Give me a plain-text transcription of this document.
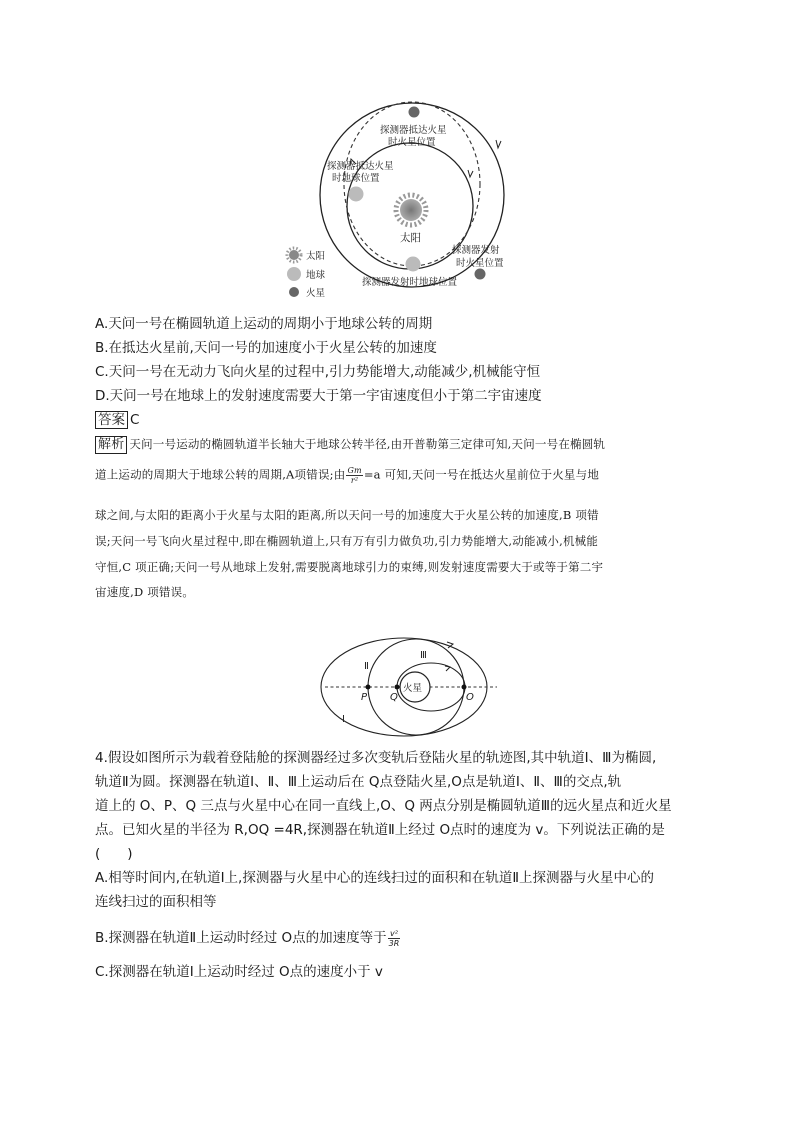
探测器抵达火星
时火星位置
探测器抵达火星
时地球位置
太阳
探测器发射
时火星位置
探测器发射时地球位置
太阳
地球
火星
A.天问一号在椭圆轨道上运动的周期小于地球公转的周期
B.在抵达火星前,天问一号的加速度小于火星公转的加速度
C.天问一号在无动力飞向火星的过程中,引力势能增大,动能减少,机械能守恒
D.天问一号在地球上的发射速度需要大于第一宇宙速度但小于第二宇宙速度
答案 C
解析 天问一号运动的椭圆轨道半长轴大于地球公转半径,由开普勒第三定律可知,天问一号在椭圆轨
道上运动的周期大于地球公转的周期,A项错误;由 $\frac{Gm}{\text{r²}} =a$ 可知,天问一号在抵达火星前位于火星与地
球之间,与太阳的距离小于火星与太阳的距离,所以天问一号的加速度大于火星公转的加速度,B 项错
误;天问一号飞向火星过程中,即在椭圆轨道上,只有万有引力做负功,引力势能增大,动能减小,机械能
守恒,C 项正确;天问一号从地球上发射,需要脱离地球引力的束缚,则发射速度需要大于或等于第二宇
宙速度,D 项错误。
火星
P Q	O
Ⅰ
Ⅱ
Ⅲ
4.假设如图所示为载着登陆舱的探测器经过多次变轨后登陆火星的轨迹图,其中轨道Ⅰ、Ⅲ为椭圆,
轨道Ⅱ为圆。探测器在轨道Ⅰ、Ⅱ、Ⅲ上运动后在 Q点登陆火星,O点是轨道Ⅰ、Ⅱ、Ⅲ的交点,轨
道上的 O、P、Q 三点与火星中心在同一直线上,O、Q 两点分别是椭圆轨道Ⅲ的远火星点和近火星
点。已知火星的半径为 R,OQ =4R,探测器在轨道Ⅱ上经过 O点时的速度为 v。下列说法正确的是
(　　)
A.相等时间内,在轨道Ⅰ上,探测器与火星中心的连线扫过的面积和在轨道Ⅱ上探测器与火星中心的
连线扫过的面积相等
B.探测器在轨道Ⅱ上运动时经过 O点的加速度等于 $\frac{\text{v²}}{3R}$
C.探测器在轨道Ⅰ上运动时经过 O点的速度小于 v
